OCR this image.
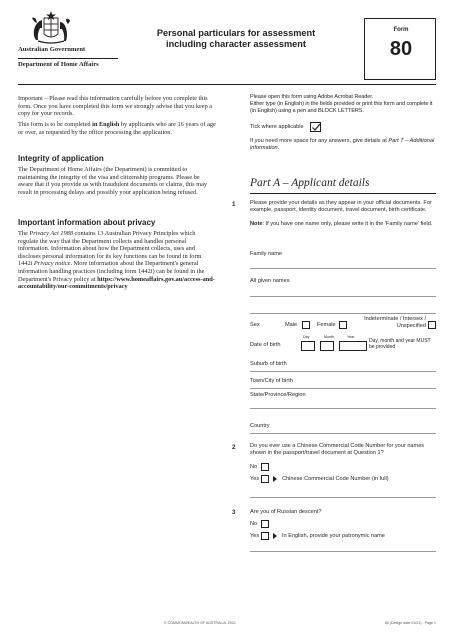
Australian Government
Department of Home Affairs
Personal particulars for assessment
including character assessment
Form
80
Important – Please read this information carefully before you complete this form. Once you have completed this form we strongly advise that you keep a copy for your records.
This form is to be completed in English by applicants who are 16 years of age or over, as requested by the office processing the application.
Integrity of application
The Department of Home Affairs (the Department) is committed to maintaining the integrity of the visa and citizenship programs. Please be aware that if you provide us with fraudulent documents or claims, this may result in processing delays and possibly your application being refused.
Important information about privacy
The Privacy Act 1988 contains 13 Australian Privacy Principles which regulate the way that the Department collects and handles personal information. Information about how the Department collects, uses and discloses personal information for its key functions can be found in form 1442i Privacy notice. More information about the Department's general information handling practices (including form 1442i) can be found in the Department's Privacy policy at https://www.homeaffairs.gov.au/access-and-accountability/our-commitments/privacy
Please open this form using Adobe Acrobat Reader.
Either type (in English) in the fields provided or print this form and complete it (in English) using a pen and BLOCK LETTERS.
Tick where applicable
If you need more space for any answers, give details at Part T – Additional information.
Part A – Applicant details
1	Please provide your details as they appear in your official documents. For example, passport, identity document, travel document, birth certificate.
Note: If you have one name only, please write it in the 'Family name' field.
Family name
All given names
Sex	Male	Female
Indeterminate / Intersex / Unspecified
Day	Month	Year
Date of birth
Day, month and year MUST be provided
Suburb of birth
Town/City of birth
State/Province/Region
Country
2	Do you ever use a Chinese Commercial Code Number for your names shown in the passport/travel document at Question 1?
No
Yes	Chinese Commercial Code Number (in full)
3	Are you of Russian descent?
No
Yes	In English, provide your patronymic name
© COMMONWEALTH OF AUSTRALIA, 2021	80 (Design date 01/21) - Page 1
